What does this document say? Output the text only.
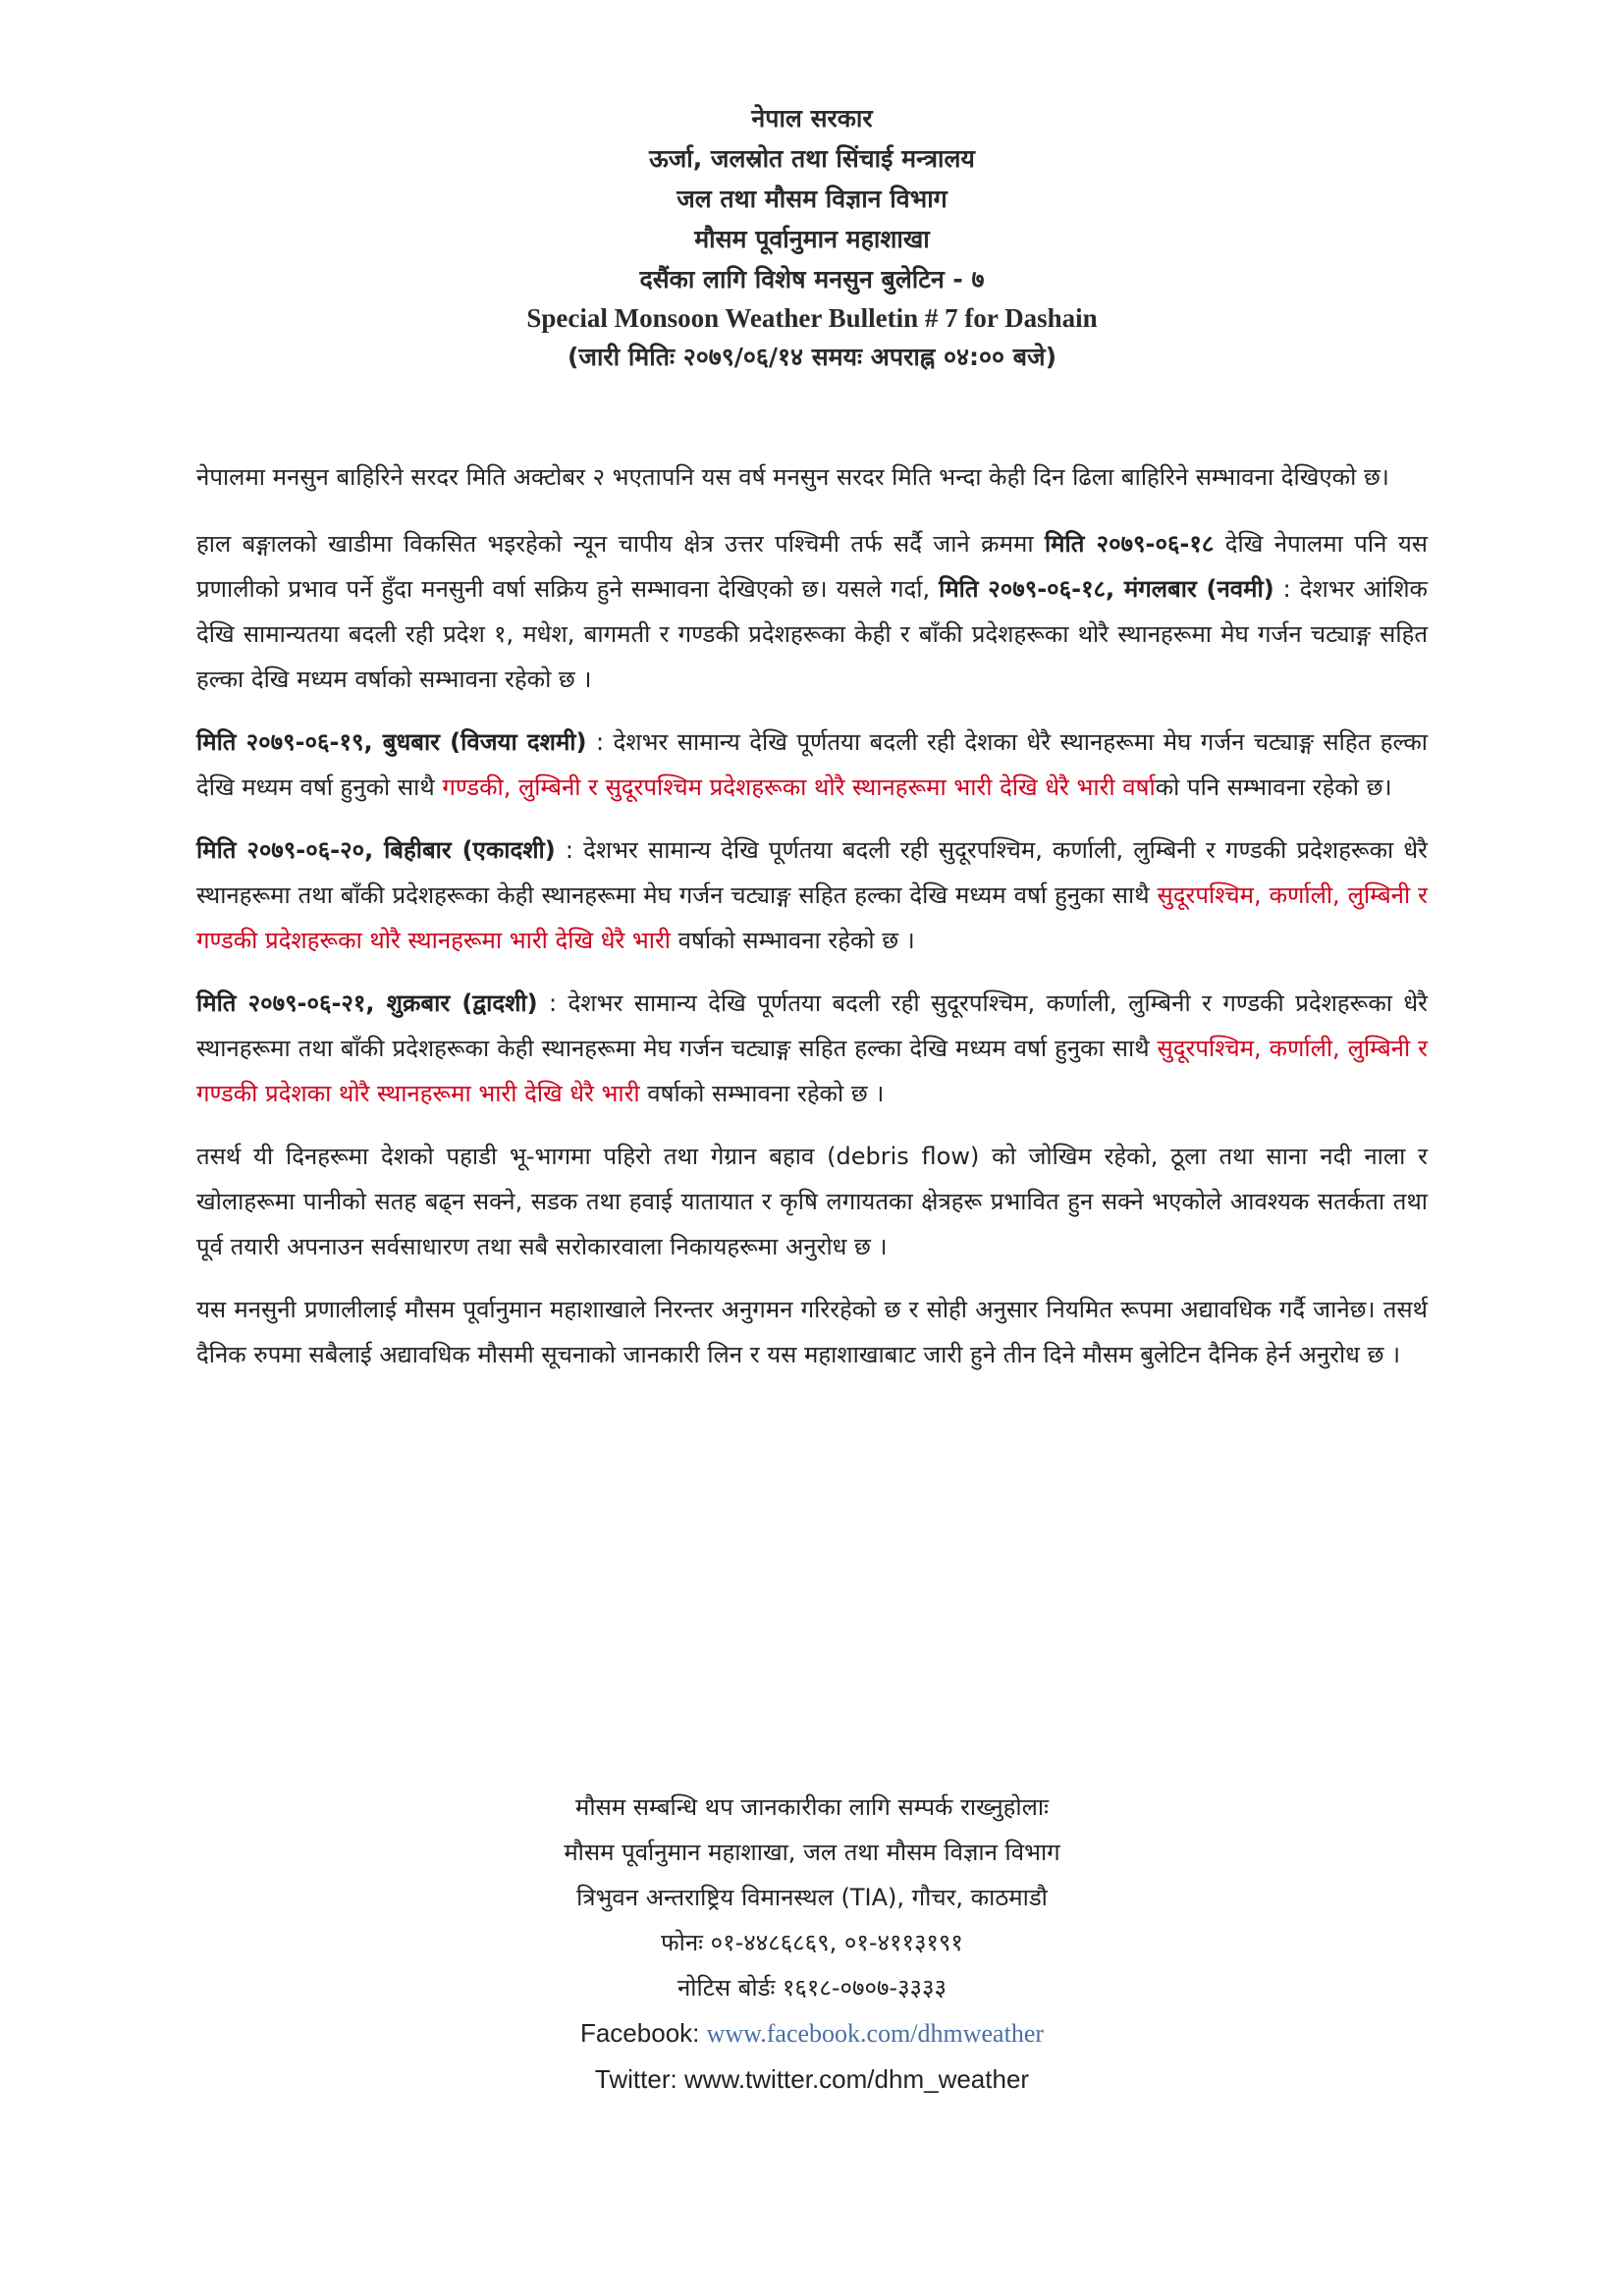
नेपाल सरकार

ऊर्जा, जलस्रोत तथा सिंचाई मन्त्रालय

जल तथा मौसम विज्ञान विभाग

मौसम पूर्वानुमान महाशाखा

दसैंका लागि विशेष मनसुन बुलेटिन - ७

Special Monsoon Weather Bulletin # 7 for Dashain

(जारी मितिः २०७९/०६/१४ समयः अपराह्न ०४:०० बजे)

नेपालमा मनसुन बाहिरिने सरदर मिति अक्टोबर २ भएतापनि यस वर्ष मनसुन सरदर मिति भन्दा केही दिन ढिला बाहिरिने सम्भावना देखिएको छ।

हाल बङ्गालको खाडीमा विकसित भइरहेको न्यून चापीय क्षेत्र उत्तर पश्चिमी तर्फ सर्दै जाने क्रममा मिति २०७९-०६-१८ देखि नेपालमा पनि यस प्रणालीको प्रभाव पर्ने हुँदा मनसुनी वर्षा सक्रिय हुने सम्भावना देखिएको छ। यसले गर्दा, मिति २०७९-०६-१८, मंगलबार (नवमी) : देशभर आंशिक देखि सामान्यतया बदली रही प्रदेश १, मधेश, बागमती र गण्डकी प्रदेशहरूका केही र बाँकी प्रदेशहरूका थोरै स्थानहरूमा मेघ गर्जन चट्याङ्ग सहित हल्का देखि मध्यम वर्षाको सम्भावना रहेको छ ।

मिति २०७९-०६-१९, बुधबार (विजया दशमी) : देशभर सामान्य देखि पूर्णतया बदली रही देशका धेरै स्थानहरूमा मेघ गर्जन चट्याङ्ग सहित हल्का देखि मध्यम वर्षा हुनुको साथै गण्डकी, लुम्बिनी र सुदूरपश्चिम प्रदेशहरूका थोरै स्थानहरूमा भारी देखि धेरै भारी वर्षाको पनि सम्भावना रहेको छ।

मिति २०७९-०६-२०, बिहीबार (एकादशी) : देशभर सामान्य देखि पूर्णतया बदली रही सुदूरपश्चिम, कर्णाली, लुम्बिनी र गण्डकी प्रदेशहरूका धेरै स्थानहरूमा तथा बाँकी प्रदेशहरूका केही स्थानहरूमा मेघ गर्जन चट्याङ्ग सहित हल्का देखि मध्यम वर्षा हुनुका साथै सुदूरपश्चिम, कर्णाली, लुम्बिनी र गण्डकी प्रदेशहरूका थोरै स्थानहरूमा भारी देखि धेरै भारी वर्षाको सम्भावना रहेको छ ।

मिति २०७९-०६-२१, शुक्रबार (द्वादशी) : देशभर सामान्य देखि पूर्णतया बदली रही सुदूरपश्चिम, कर्णाली, लुम्बिनी र गण्डकी प्रदेशहरूका धेरै स्थानहरूमा तथा बाँकी प्रदेशहरूका केही स्थानहरूमा मेघ गर्जन चट्याङ्ग सहित हल्का देखि मध्यम वर्षा हुनुका साथै सुदूरपश्चिम, कर्णाली, लुम्बिनी र गण्डकी प्रदेशका थोरै स्थानहरूमा भारी देखि धेरै भारी वर्षाको सम्भावना रहेको छ ।

तसर्थ यी दिनहरूमा देशको पहाडी भू-भागमा पहिरो तथा गेग्रान बहाव (debris flow) को जोखिम रहेको, ठूला तथा साना नदी नाला र खोलाहरूमा पानीको सतह बढ्न सक्ने, सडक तथा हवाई यातायात र कृषि लगायतका क्षेत्रहरू प्रभावित हुन सक्ने भएकोले आवश्यक सतर्कता तथा पूर्व तयारी अपनाउन सर्वसाधारण तथा सबै सरोकारवाला निकायहरूमा अनुरोध छ ।

यस मनसुनी प्रणालीलाई मौसम पूर्वानुमान महाशाखाले निरन्तर अनुगमन गरिरहेको छ र सोही अनुसार नियमित रूपमा अद्यावधिक गर्दै जानेछ। तसर्थ दैनिक रुपमा सबैलाई अद्यावधिक मौसमी सूचनाको जानकारी लिन र यस महाशाखाबाट जारी हुने तीन दिने मौसम बुलेटिन दैनिक हेर्न अनुरोध छ ।

मौसम सम्बन्धि थप जानकारीका लागि सम्पर्क राख्नुहोलाः

मौसम पूर्वानुमान महाशाखा, जल तथा मौसम विज्ञान विभाग

त्रिभुवन अन्तराष्ट्रिय विमानस्थल (TIA), गौचर, काठमाडौ

फोनः ०१-४४८६८६९, ०१-४११३१९१

नोटिस बोर्डः १६१८-०७०७-३३३३

Facebook: www.facebook.com/dhmweather

Twitter: www.twitter.com/dhm_weather
